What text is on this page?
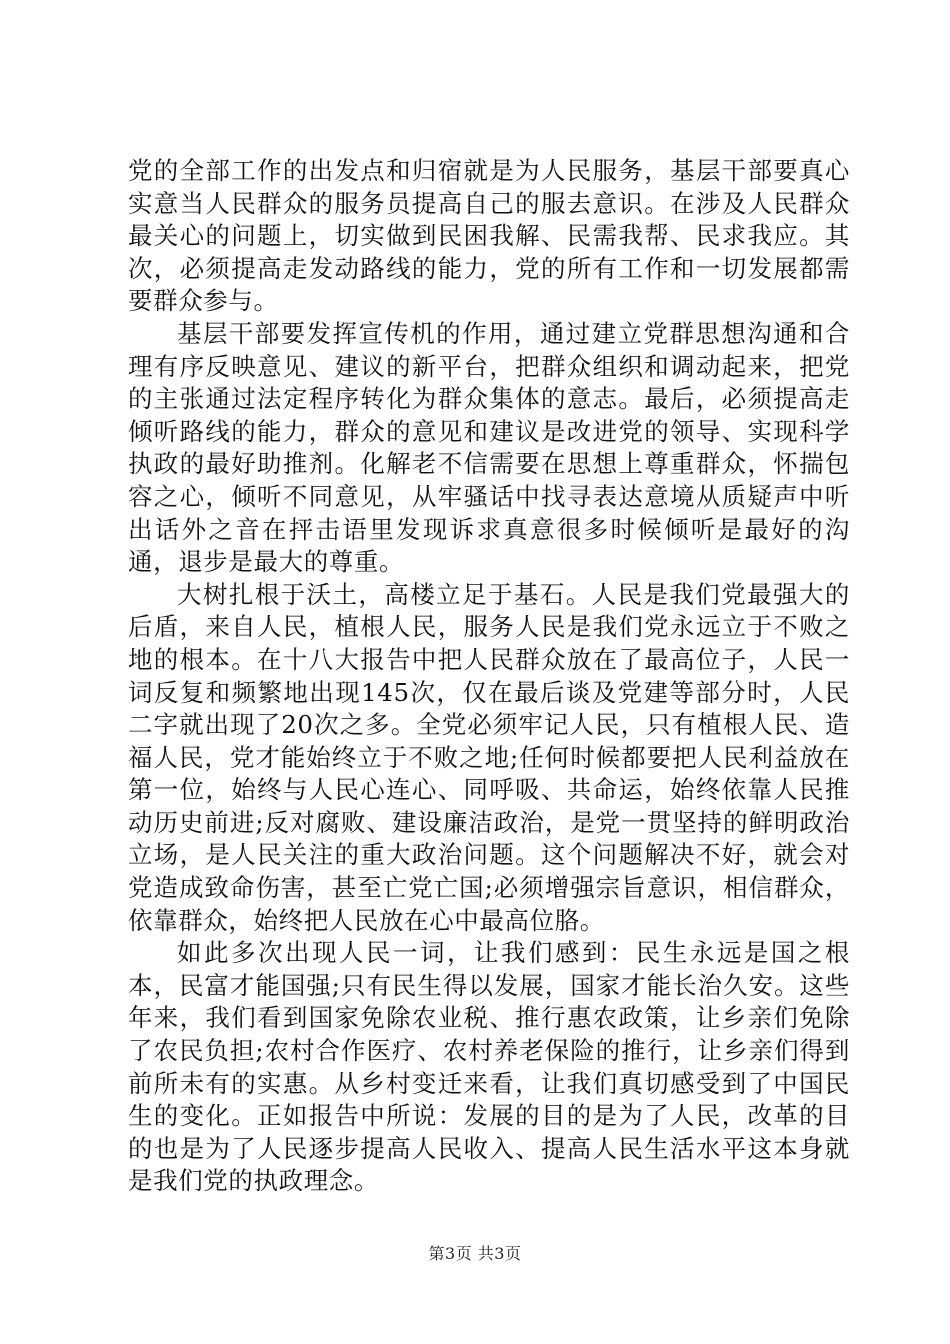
党的全部工作的出发点和归宿就是为人民服务，基层干部要真心实意当人民群众的服务员提高自己的服去意识。在涉及人民群众最关心的问题上，切实做到民困我解、民需我帮、民求我应。其次，必须提高走发动路线的能力，党的所有工作和一切发展都需要群众参与。

基层干部要发挥宣传机的作用，通过建立党群思想沟通和合理有序反映意见、建议的新平台，把群众组织和调动起来，把党的主张通过法定程序转化为群众集体的意志。最后，必须提高走倾听路线的能力，群众的意见和建议是改进党的领导、实现科学执政的最好助推剂。化解老不信需要在思想上尊重群众，怀揣包容之心，倾听不同意见，从牢骚话中找寻表达意境从质疑声中听出话外之音在抨击语里发现诉求真意很多时候倾听是最好的沟通，退步是最大的尊重。

大树扎根于沃土，高楼立足于基石。人民是我们党最强大的后盾，来自人民，植根人民，服务人民是我们党永远立于不败之地的根本。在十八大报告中把人民群众放在了最高位子，人民一词反复和频繁地出现145次，仅在最后谈及党建等部分时，人民二字就出现了20次之多。全党必须牢记人民，只有植根人民、造福人民，党才能始终立于不败之地;任何时候都要把人民利益放在第一位，始终与人民心连心、同呼吸、共命运，始终依靠人民推动历史前进;反对腐败、建设廉洁政治，是党一贯坚持的鲜明政治立场，是人民关注的重大政治问题。这个问题解决不好，就会对党造成致命伤害，甚至亡党亡国;必须增强宗旨意识，相信群众，依靠群众，始终把人民放在心中最高位胳。

如此多次出现人民一词，让我们感到：民生永远是国之根本，民富才能国强;只有民生得以发展，国家才能长治久安。这些年来，我们看到国家免除农业税、推行惠农政策，让乡亲们免除了农民负担;农村合作医疗、农村养老保险的推行，让乡亲们得到前所未有的实惠。从乡村变迁来看，让我们真切感受到了中国民生的变化。正如报告中所说：发展的目的是为了人民，改革的目的也是为了人民逐步提高人民收入、提高人民生活水平这本身就是我们党的执政理念。

第3页 共3页
